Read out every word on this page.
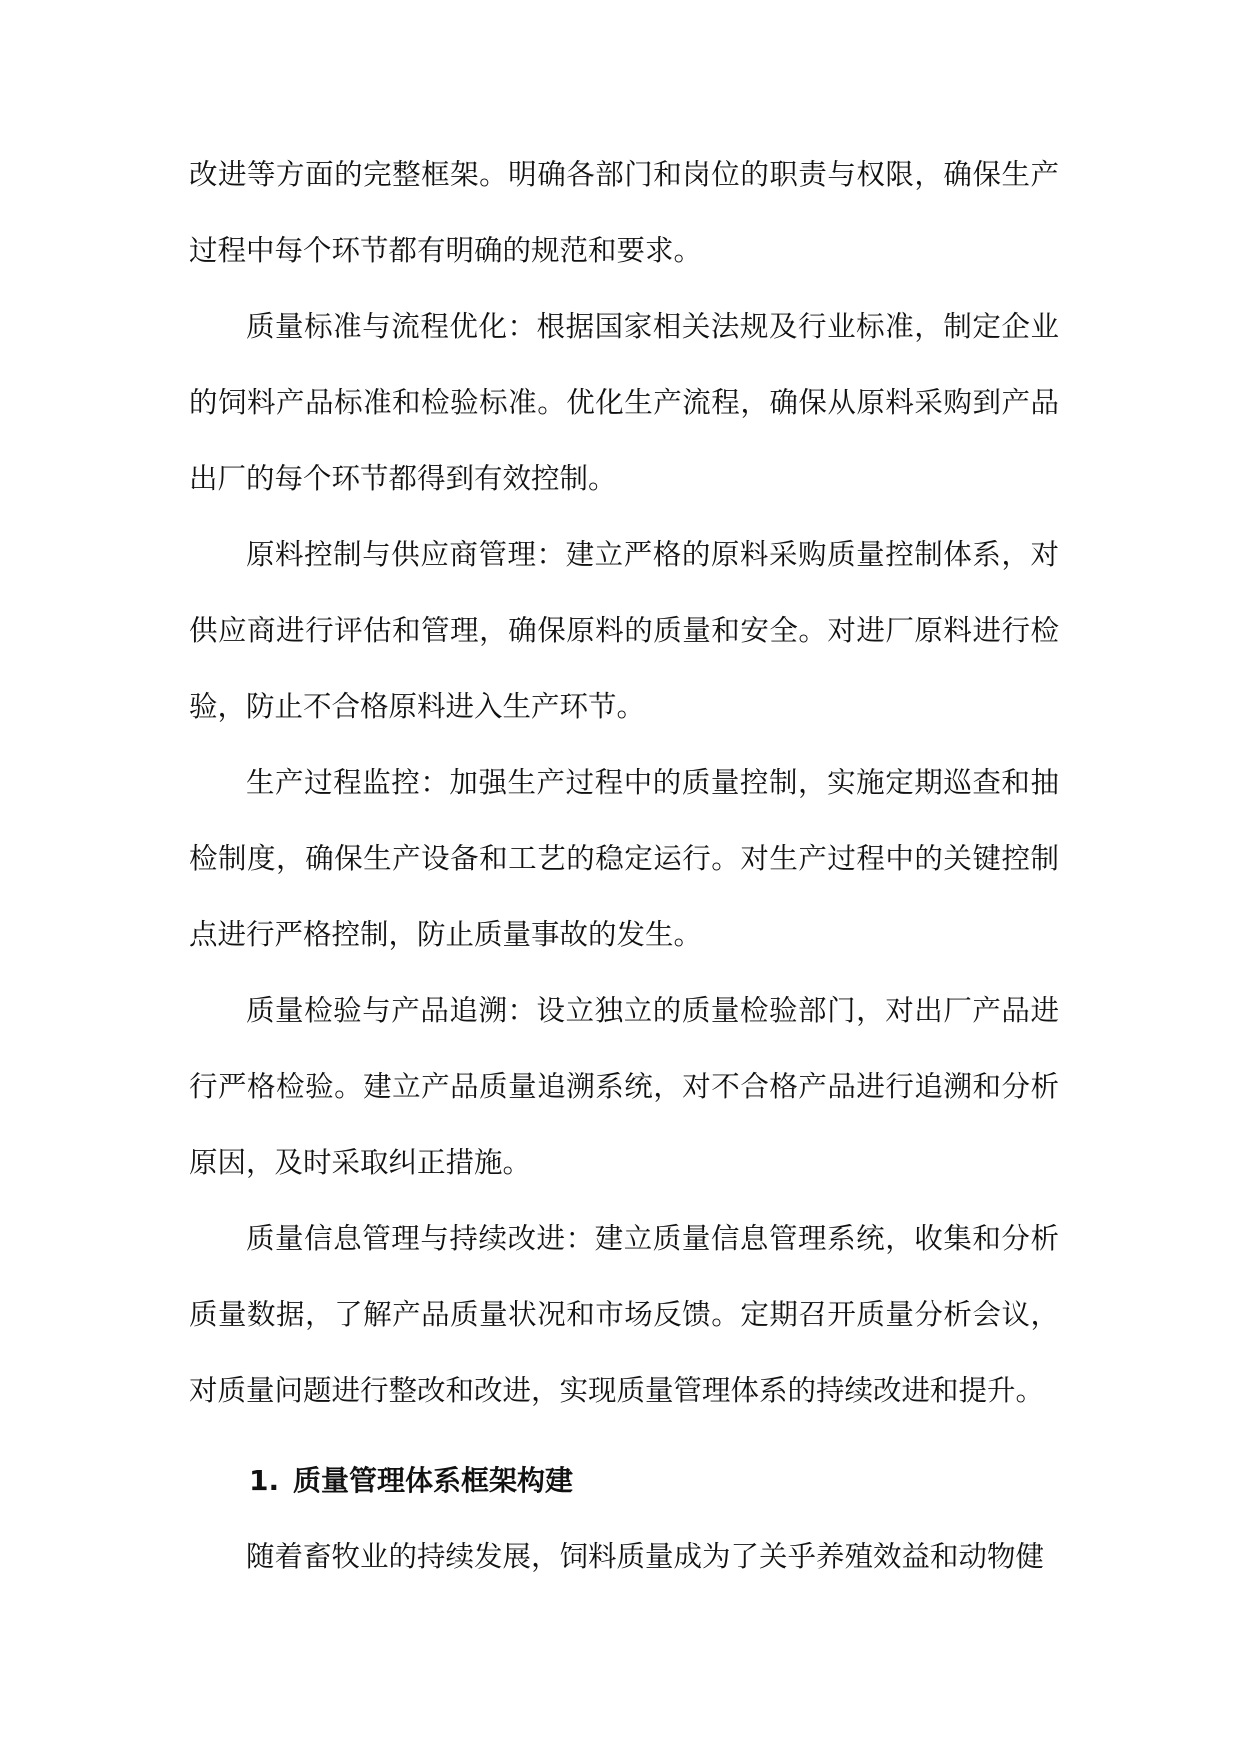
改进等方面的完整框架。明确各部门和岗位的职责与权限，确保生产过程中每个环节都有明确的规范和要求。

质量标准与流程优化：根据国家相关法规及行业标准，制定企业的饲料产品标准和检验标准。优化生产流程，确保从原料采购到产品出厂的每个环节都得到有效控制。

原料控制与供应商管理：建立严格的原料采购质量控制体系，对供应商进行评估和管理，确保原料的质量和安全。对进厂原料进行检验，防止不合格原料进入生产环节。

生产过程监控：加强生产过程中的质量控制，实施定期巡查和抽检制度，确保生产设备和工艺的稳定运行。对生产过程中的关键控制点进行严格控制，防止质量事故的发生。

质量检验与产品追溯：设立独立的质量检验部门，对出厂产品进行严格检验。建立产品质量追溯系统，对不合格产品进行追溯和分析原因，及时采取纠正措施。

质量信息管理与持续改进：建立质量信息管理系统，收集和分析质量数据，了解产品质量状况和市场反馈。定期召开质量分析会议，对质量问题进行整改和改进，实现质量管理体系的持续改进和提升。

1. 质量管理体系框架构建

随着畜牧业的持续发展，饲料质量成为了关乎养殖效益和动物健
